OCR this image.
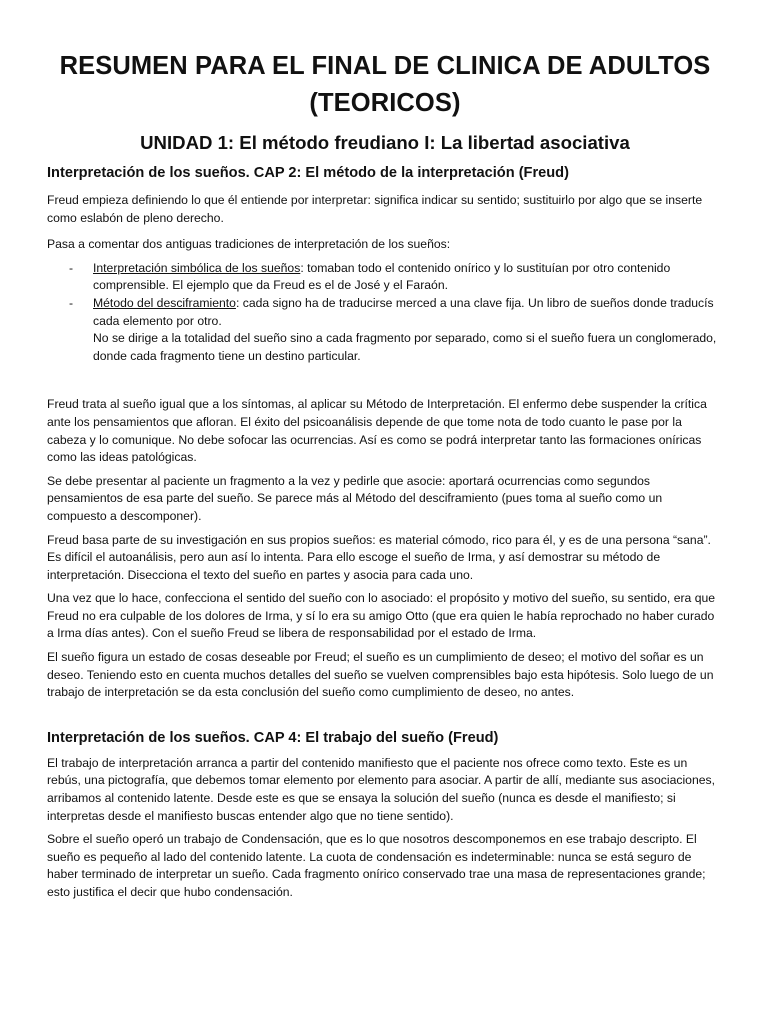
RESUMEN PARA EL FINAL DE CLINICA DE ADULTOS (TEORICOS)
UNIDAD 1: El método freudiano I: La libertad asociativa
Interpretación de los sueños. CAP 2: El método de la interpretación (Freud)

Freud empieza definiendo lo que él entiende por interpretar: significa indicar su sentido; sustituirlo por algo que se inserte como eslabón de pleno derecho.

Pasa a comentar dos antiguas tradiciones de interpretación de los sueños:

- Interpretación simbólica de los sueños: tomaban todo el contenido onírico y lo sustituían por otro contenido comprensible. El ejemplo que da Freud es el de José y el Faraón.
- Método del desciframiento: cada signo ha de traducirse merced a una clave fija. Un libro de sueños donde traducís cada elemento por otro.
No se dirige a la totalidad del sueño sino a cada fragmento por separado, como si el sueño fuera un conglomerado, donde cada fragmento tiene un destino particular.

Freud trata al sueño igual que a los síntomas, al aplicar su Método de Interpretación. El enfermo debe suspender la crítica ante los pensamientos que afloran. El éxito del psicoanálisis depende de que tome nota de todo cuanto le pase por la cabeza y lo comunique. No debe sofocar las ocurrencias. Así es como se podrá interpretar tanto las formaciones oníricas como las ideas patológicas.

Se debe presentar al paciente un fragmento a la vez y pedirle que asocie: aportará ocurrencias como segundos pensamientos de esa parte del sueño. Se parece más al Método del desciframiento (pues toma al sueño como un compuesto a descomponer).

Freud basa parte de su investigación en sus propios sueños: es material cómodo, rico para él, y es de una persona “sana”. Es difícil el autoanálisis, pero aun así lo intenta. Para ello escoge el sueño de Irma, y así demostrar su método de interpretación. Disecciona el texto del sueño en partes y asocia para cada uno.

Una vez que lo hace, confecciona el sentido del sueño con lo asociado: el propósito y motivo del sueño, su sentido, era que Freud no era culpable de los dolores de Irma, y sí lo era su amigo Otto (que era quien le había reprochado no haber curado a Irma días antes). Con el sueño Freud se libera de responsabilidad por el estado de Irma.

El sueño figura un estado de cosas deseable por Freud; el sueño es un cumplimiento de deseo; el motivo del soñar es un deseo. Teniendo esto en cuenta muchos detalles del sueño se vuelven comprensibles bajo esta hipótesis. Solo luego de un trabajo de interpretación se da esta conclusión del sueño como cumplimiento de deseo, no antes.

Interpretación de los sueños. CAP 4: El trabajo del sueño (Freud)

El trabajo de interpretación arranca a partir del contenido manifiesto que el paciente nos ofrece como texto. Este es un rebús, una pictografía, que debemos tomar elemento por elemento para asociar. A partir de allí, mediante sus asociaciones, arribamos al contenido latente. Desde este es que se ensaya la solución del sueño (nunca es desde el manifiesto; si interpretas desde el manifiesto buscas entender algo que no tiene sentido).

Sobre el sueño operó un trabajo de Condensación, que es lo que nosotros descomponemos en ese trabajo descripto. El sueño es pequeño al lado del contenido latente. La cuota de condensación es indeterminable: nunca se está seguro de haber terminado de interpretar un sueño. Cada fragmento onírico conservado trae una masa de representaciones grande; esto justifica el decir que hubo condensación.
